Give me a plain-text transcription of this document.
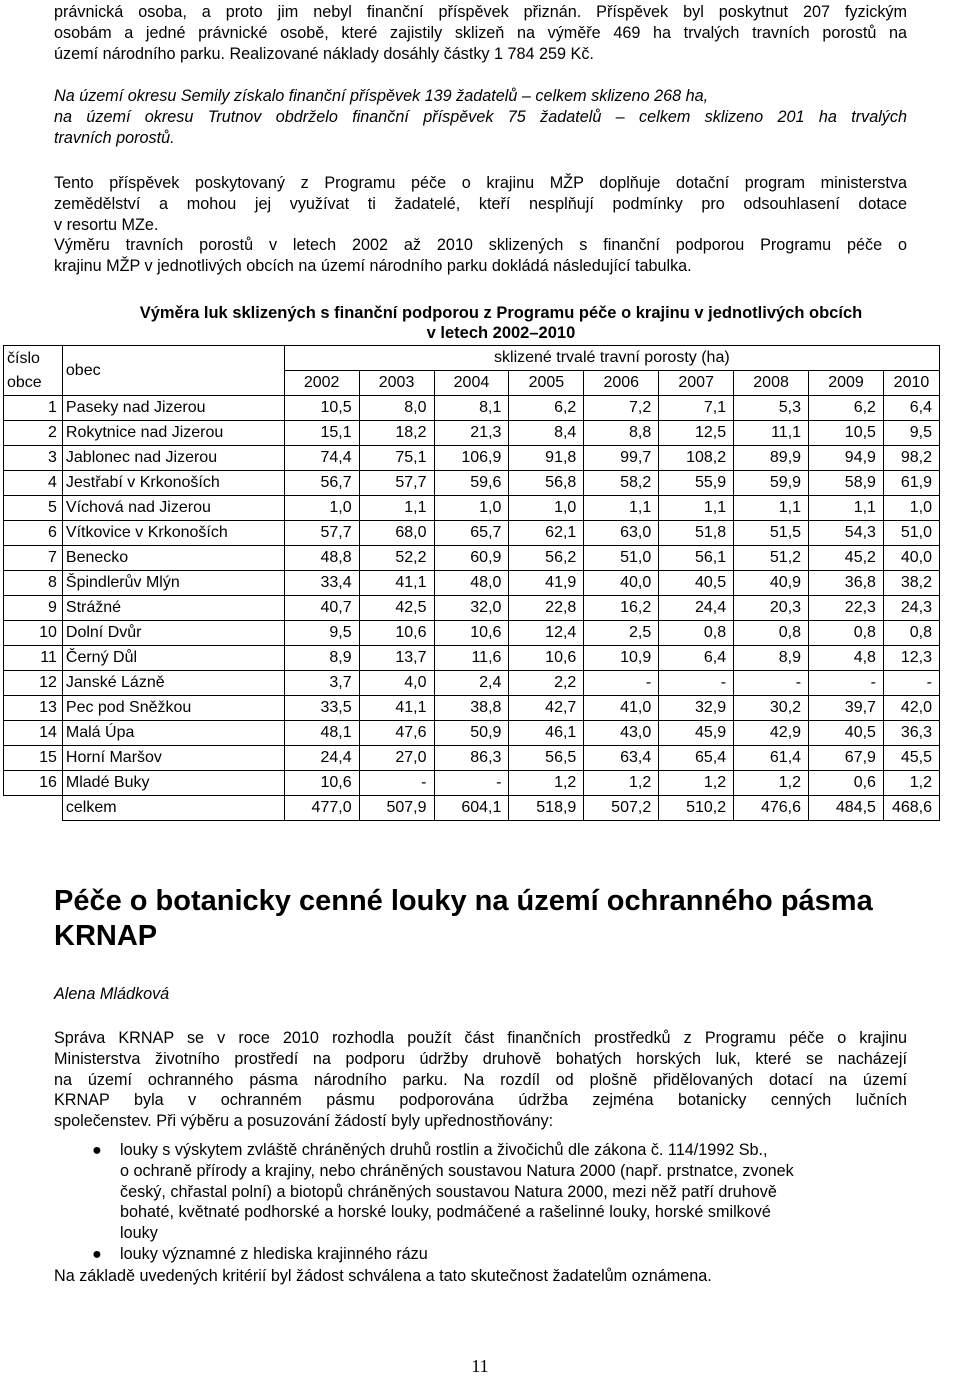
právnická osoba, a proto jim nebyl finanční příspěvek přiznán. Příspěvek byl poskytnut 207 fyzickým
osobám a jedné právnické osobě, které zajistily sklizeň na výměře 469 ha trvalých travních porostů na
území národního parku. Realizované náklady dosáhly částky 1 784 259 Kč.
Na území okresu Semily získalo finanční příspěvek 139 žadatelů – celkem sklizeno 268 ha,
na území okresu Trutnov obdrželo finanční příspěvek 75 žadatelů – celkem sklizeno 201 ha trvalých
travních porostů.
Tento příspěvek poskytovaný z Programu péče o krajinu MŽP doplňuje dotační program ministerstva
zemědělství a mohou jej využívat ti žadatelé, kteří nesplňují podmínky pro odsouhlasení dotace
v resortu MZe.
Výměru travních porostů v letech 2002 až 2010 sklizených s finanční podporou Programu péče o
krajinu MŽP v jednotlivých obcích na území národního parku dokládá následující tabulka.

	Výměra luk sklizených s finanční podporou z Programu péče o krajinu v jednotlivých obcích
v letech 2002–2010									

číslo
obce	obec	sklizené trvalé travní porosty (ha)								
		2002	2003	2004	2005	2006	2007	2008	2009	2010
1	Paseky nad Jizerou	10,5	8,0	8,1	6,2	7,2	7,1	5,3	6,2	6,4
2	Rokytnice nad Jizerou	15,1	18,2	21,3	8,4	8,8	12,5	11,1	10,5	9,5
3	Jablonec nad Jizerou	74,4	75,1	106,9	91,8	99,7	108,2	89,9	94,9	98,2
4	Jestřabí v Krkonoších	56,7	57,7	59,6	56,8	58,2	55,9	59,9	58,9	61,9
5	Víchová nad Jizerou	1,0	1,1	1,0	1,0	1,1	1,1	1,1	1,1	1,0
6	Vítkovice v Krkonoších	57,7	68,0	65,7	62,1	63,0	51,8	51,5	54,3	51,0
7	Benecko	48,8	52,2	60,9	56,2	51,0	56,1	51,2	45,2	40,0
8	Špindlerův Mlýn	33,4	41,1	48,0	41,9	40,0	40,5	40,9	36,8	38,2
9	Strážné	40,7	42,5	32,0	22,8	16,2	24,4	20,3	22,3	24,3
10	Dolní Dvůr	9,5	10,6	10,6	12,4	2,5	0,8	0,8	0,8	0,8
11	Černý Důl	8,9	13,7	11,6	10,6	10,9	6,4	8,9	4,8	12,3
12	Janské Lázně	3,7	4,0	2,4	2,2	-	-	-	-	-
13	Pec pod Sněžkou	33,5	41,1	38,8	42,7	41,0	32,9	30,2	39,7	42,0
14	Malá Úpa	48,1	47,6	50,9	46,1	43,0	45,9	42,9	40,5	36,3
15	Horní Maršov	24,4	27,0	86,3	56,5	63,4	65,4	61,4	67,9	45,5
16	Mladé Buky	10,6	-	-	1,2	1,2	1,2	1,2	0,6	1,2
	celkem	477,0	507,9	604,1	518,9	507,2	510,2	476,6	484,5	468,6
Péče o botanicky cenné louky na území ochranného pásma
KRNAP
Alena Mládková
Správa KRNAP se v roce 2010 rozhodla použít část finančních prostředků z Programu péče o krajinu
Ministerstva životního prostředí na podporu údržby druhově bohatých horských luk, které se nacházejí
na území ochranného pásma národního parku. Na rozdíl od plošně přidělovaných dotací na území
KRNAP byla v ochranném pásmu podporována údržba zejména botanicky cenných lučních
společenstev. Při výběru a posuzování žádostí byly upřednostňovány:
● louky s výskytem zvláště chráněných druhů rostlin a živočichů dle zákona č. 114/1992 Sb.,
o ochraně přírody a krajiny, nebo chráněných soustavou Natura 2000 (např. prstnatce, zvonek
český, chřastal polní) a biotopů chráněných soustavou Natura 2000, mezi něž patří druhově
bohaté, květnaté podhorské a horské louky, podmáčené a rašelinné louky, horské smilkové
louky
● louky významné z hlediska krajinného rázu
Na základě uvedených kritérií byl žádost schválena a tato skutečnost žadatelům oznámena.
11
